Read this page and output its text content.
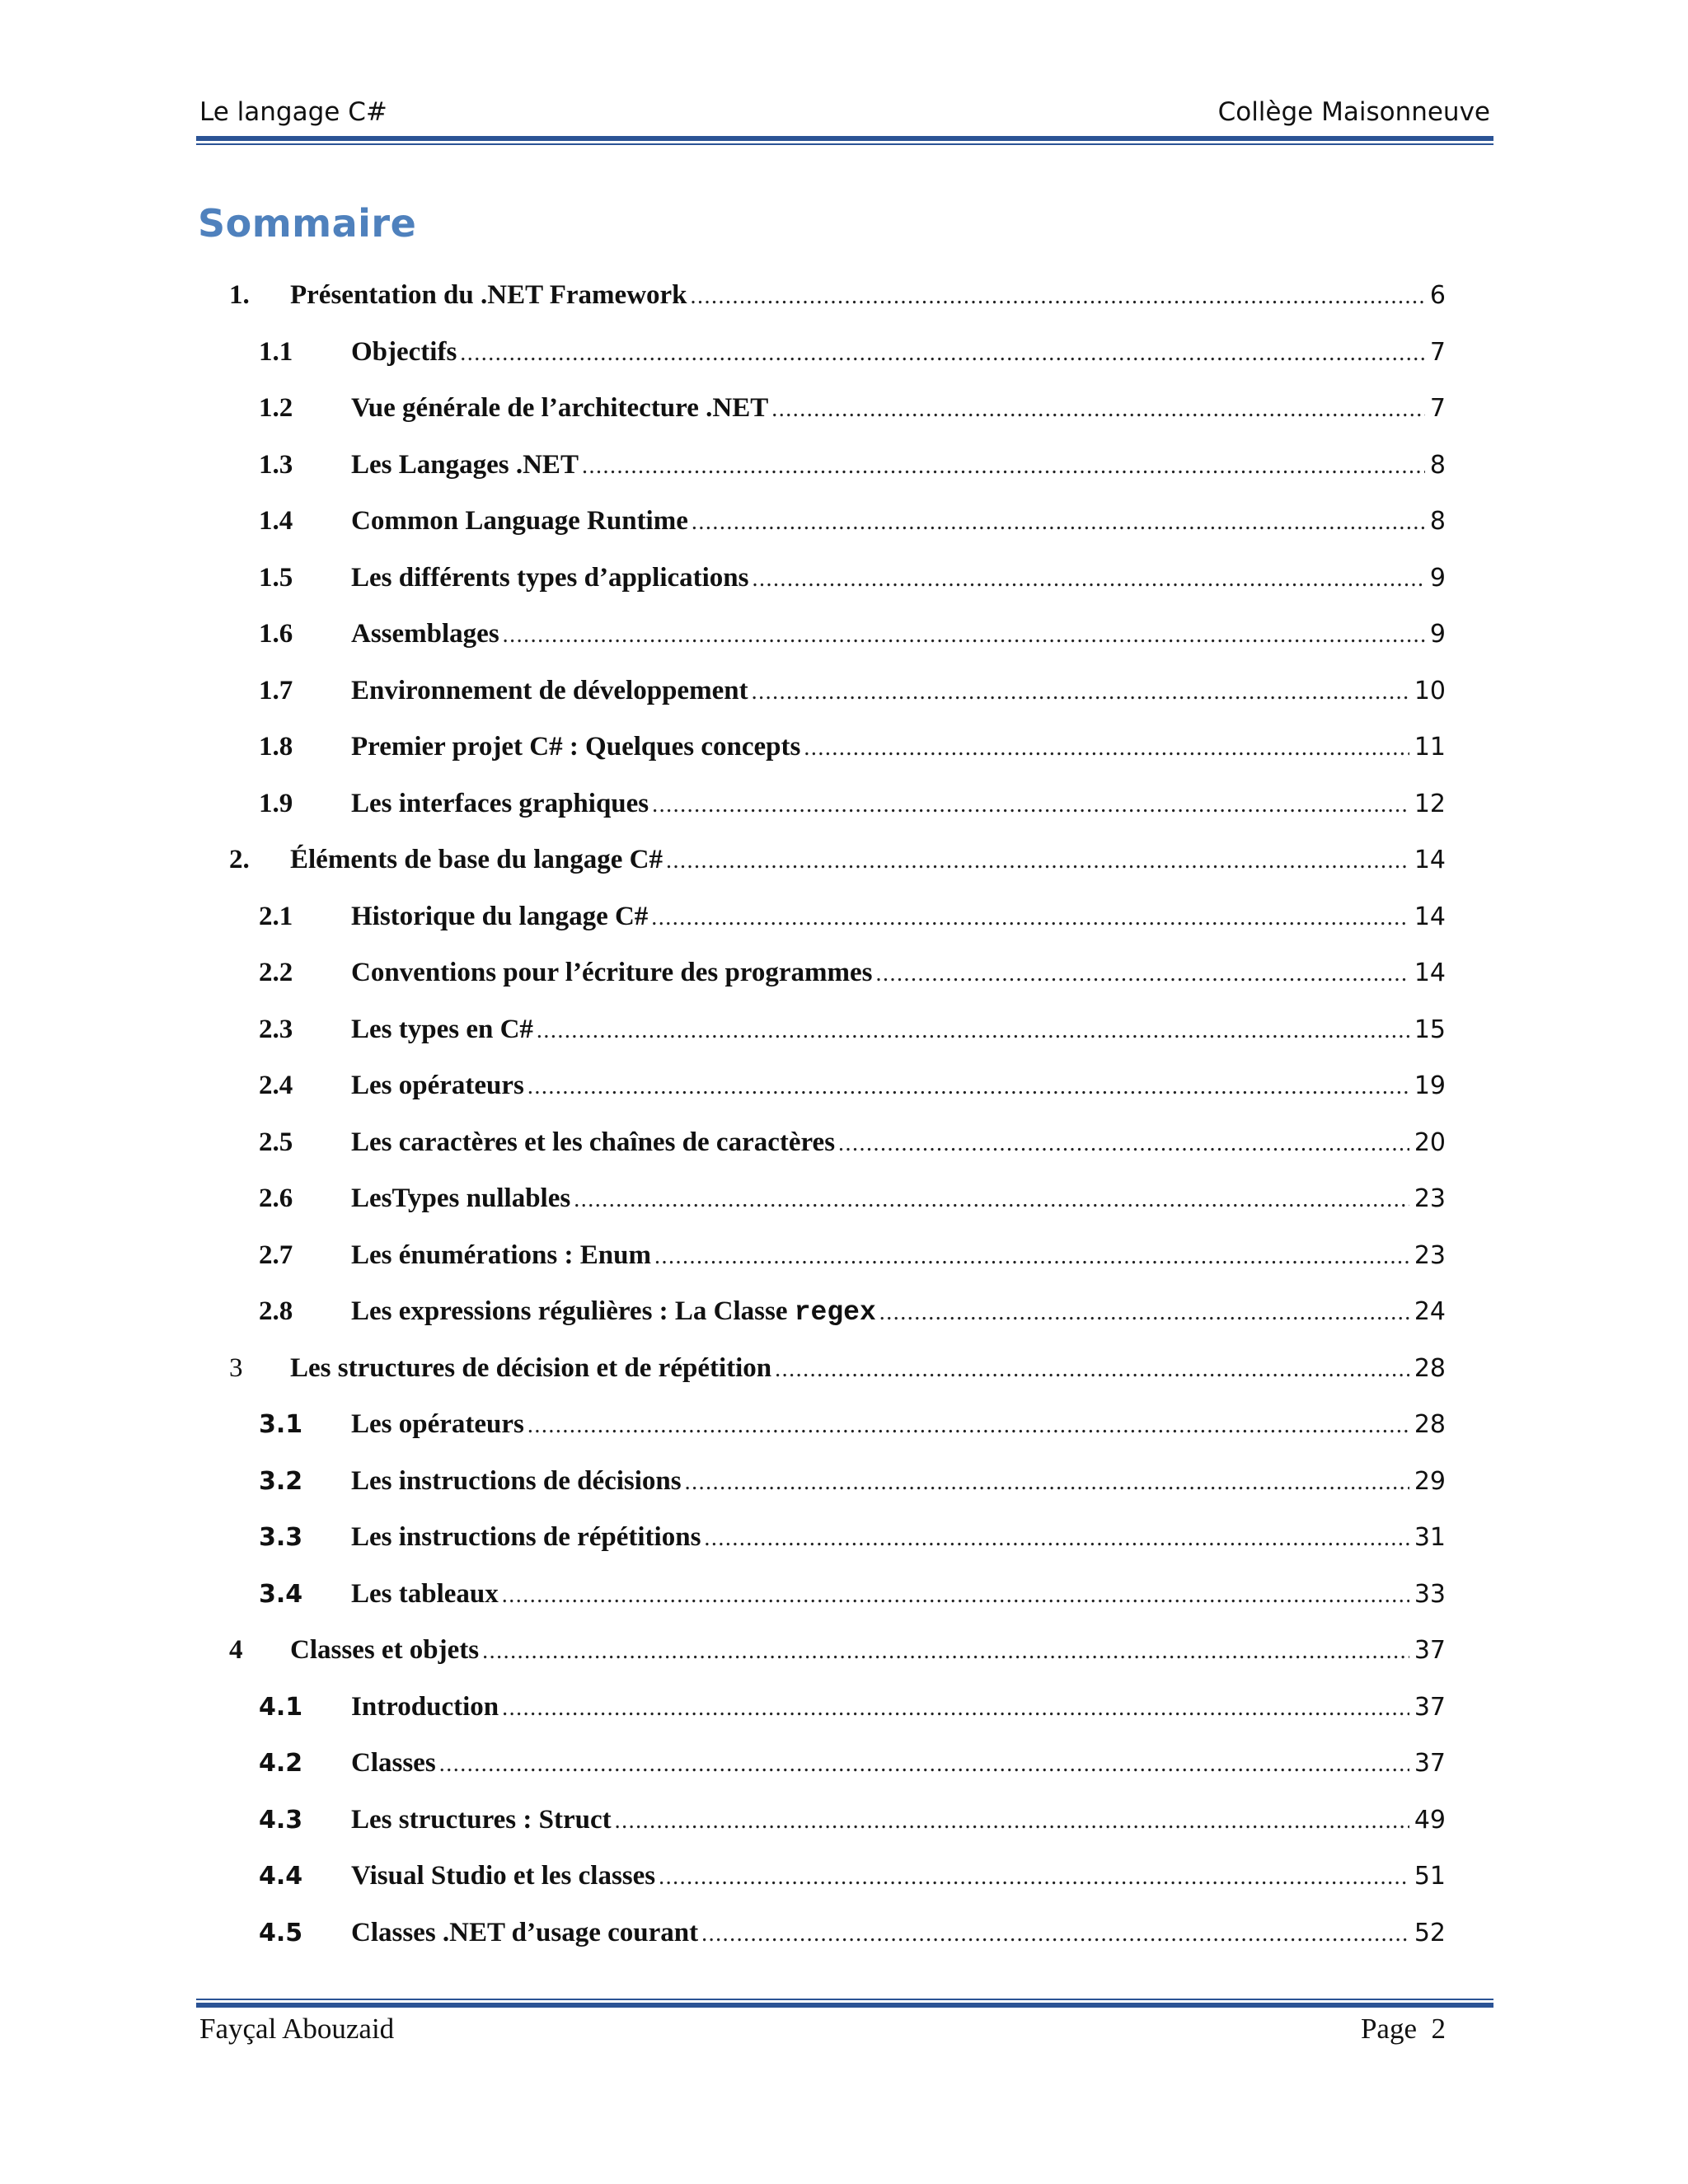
Le langage C#	Collège Maisonneuve
Sommaire
1.	Présentation du .NET Framework .....	6
1.1	Objectifs .....	7
1.2	Vue générale de l’architecture .NET .....	7
1.3	Les Langages .NET .....	8
1.4	Common Language Runtime .....	8
1.5	Les différents types d’applications .....	9
1.6	Assemblages .....	9
1.7	Environnement de développement .....	10
1.8	Premier projet C# : Quelques concepts .....	11
1.9	Les interfaces graphiques .....	12
2.	Éléments de base du langage C# .....	14
2.1	Historique du langage C# .....	14
2.2	Conventions pour l’écriture des programmes .....	14
2.3	Les types en C# .....	15
2.4	Les opérateurs .....	19
2.5	Les caractères et les chaînes de caractères .....	20
2.6	LesTypes nullables .....	23
2.7	Les énumérations : Enum .....	23
2.8	Les expressions régulières : La Classe regex .....	24
3	Les structures de décision et de répétition .....	28
3.1	Les opérateurs .....	28
3.2	Les instructions de décisions .....	29
3.3	Les instructions de répétitions .....	31
3.4	Les tableaux .....	33
4	Classes et objets .....	37
4.1	Introduction .....	37
4.2	Classes .....	37
4.3	Les structures : Struct .....	49
4.4	Visual Studio et les classes .....	51
4.5	Classes .NET d’usage courant .....	52
Fayçal Abouzaid	Page 2
